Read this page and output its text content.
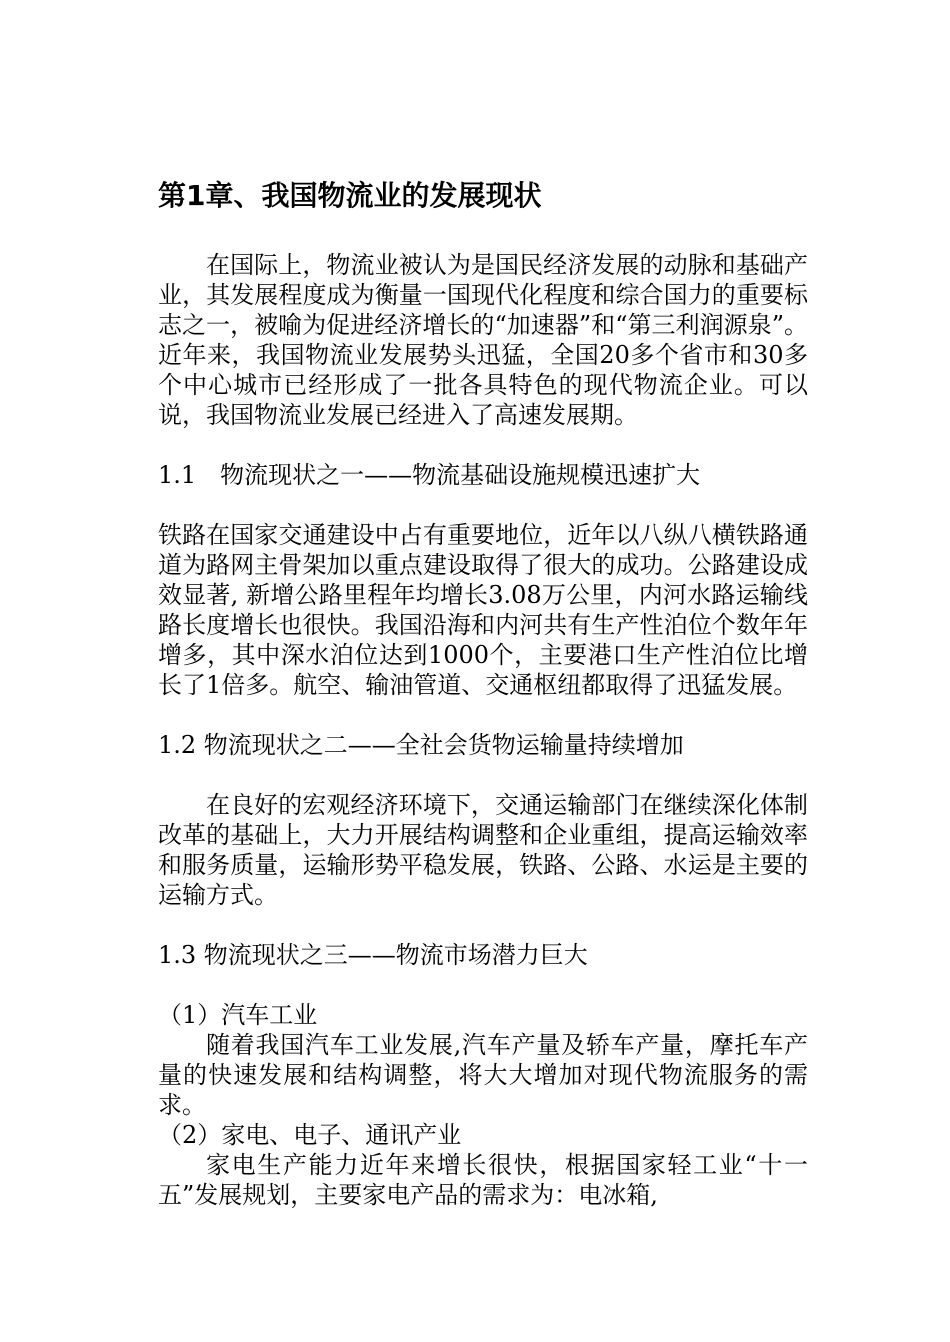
第1章、我国物流业的发展现状

在国际上，物流业被认为是国民经济发展的动脉和基础产业，其发展程度成为衡量一国现代化程度和综合国力的重要标志之一，被喻为促进经济增长的“加速器”和“第三利润源泉”。近年来，我国物流业发展势头迅猛，全国20多个省市和30多个中心城市已经形成了一批各具特色的现代物流企业。可以说，我国物流业发展已经进入了高速发展期。

1.1　物流现状之一——物流基础设施规模迅速扩大

铁路在国家交通建设中占有重要地位，近年以八纵八横铁路通道为路网主骨架加以重点建设取得了很大的成功。公路建设成效显著, 新增公路里程年均增长3.08万公里，内河水路运输线路长度增长也很快。我国沿海和内河共有生产性泊位个数年年增多，其中深水泊位达到1000个，主要港口生产性泊位比增长了1倍多。航空、输油管道、交通枢纽都取得了迅猛发展。

1.2 物流现状之二——全社会货物运输量持续增加

在良好的宏观经济环境下，交通运输部门在继续深化体制改革的基础上，大力开展结构调整和企业重组，提高运输效率和服务质量，运输形势平稳发展，铁路、公路、水运是主要的运输方式。

1.3 物流现状之三——物流市场潜力巨大

（1）汽车工业

随着我国汽车工业发展,汽车产量及轿车产量，摩托车产量的快速发展和结构调整，将大大增加对现代物流服务的需求。

（2）家电、电子、通讯产业

家电生产能力近年来增长很快，根据国家轻工业“十一五”发展规划，主要家电产品的需求为：电冰箱,
